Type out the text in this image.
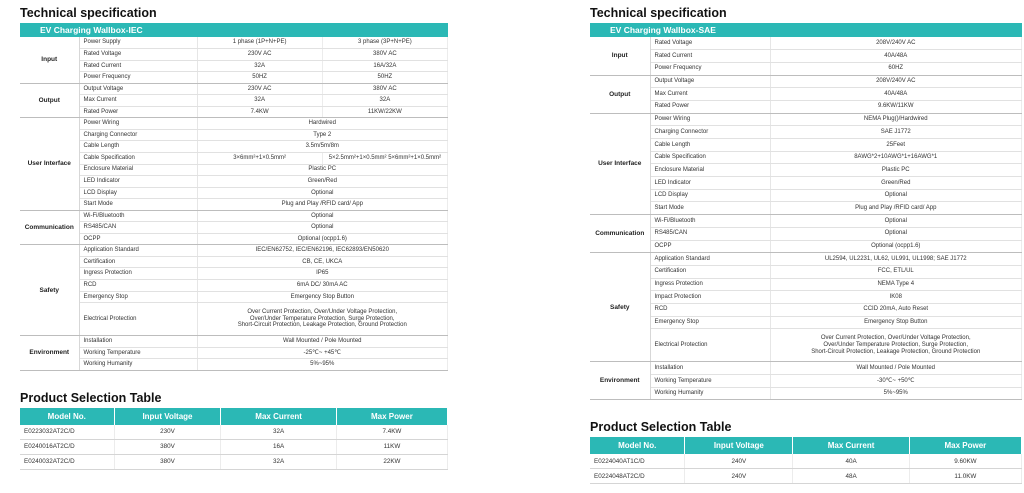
Technical specification
EV Charging Wallbox-IEC
Input	Power Supply	1 phase (1P+N+PE)	3 phase (3P+N+PE)
	Rated Voltage	230V AC	380V AC
	Rated Current	32A	16A/32A
	Power Frequency	50HZ	50HZ
Output	Output Voltage	230V AC	380V AC
	Max Current	32A	32A
	Rated Power	7.4KW	11KW/22KW
User Interface	Power Wiring	Hardwired	
	Charging Connector	Type 2	
	Cable Length	3.5m/5m/8m	
	Cable Specification	3×6mm²+1×0.5mm²	5×2.5mm²+1×0.5mm² 5×6mm²+1×0.5mm²
	Enclosure Material	Plastic PC	
	LED Indicator	Green/Red	
	LCD Display	Optional	
	Start Mode	Plug and Play /RFID card/ App	
Communication	Wi-Fi/Bluetooth	Optional	
	RS485/CAN	Optional	
	OCPP	Optional (ocpp1.6)	
Safety	Application Standard	IEC/EN62752, IEC/EN62196, IEC62893/EN50620	
	Certification	CB, CE, UKCA	
	Ingress Protection	IP65	
	RCD	6mA DC/ 30mA AC	
	Emergency Stop	Emergency Stop Button	
	Electrical Protection	Over Current Protection, Over/Under Voltage Protection,
Over/Under Temperature Protection, Surge Protection,
Short-Circuit Protection, Leakage Protection, Ground Protection	
Environment	Installation	Wall Mounted / Pole Mounted	
	Working Temperature	-25℃~ +45℃	
	Working Humanity	5%~95%	
Product Selection Table
Model No.	Input Voltage	Max Current	Max Power
E0223032AT2C/D	230V	32A	7.4KW
E0240016AT2C/D	380V	16A	11KW
E0240032AT2C/D	380V	32A	22KW
Technical specification
EV Charging Wallbox-SAE
Input	Rated Voltage	208V/240V AC
	Rated Current	40A/48A
	Power Frequency	60HZ
Output	Output Voltage	208V/240V AC
	Max Current	40A/48A
	Rated Power	9.6KW/11KW
User Interface	Power Wiring	NEMA Plug()/Hardwired
	Charging Connector	SAE J1772
	Cable Length	25Feet
	Cable Specification	8AWG*2+10AWG*1+16AWG*1
	Enclosure Material	Plastic PC
	LED Indicator	Green/Red
	LCD Display	Optional
	Start Mode	Plug and Play /RFID card/ App
Communication	Wi-Fi/Bluetooth	Optional
	RS485/CAN	Optional
	OCPP	Optional (ocpp1.6)
Safety	Application Standard	UL2594, UL2231, UL62, UL991, UL1998; SAE J1772
	Certification	FCC, ETL/UL
	Ingress Protection	NEMA Type 4
	Impact Protection	IK08
	RCD	CCID 20mA, Auto Reset
	Emergency Stop	Emergency Stop Button
	Electrical Protection	Over Current Protection, Over/Under Voltage Protection,
Over/Under Temperature Protection, Surge Protection,
Short-Circuit Protection, Leakage Protection, Ground Protection
Environment	Installation	Wall Mounted / Pole Mounted
	Working Temperature	-30℃~ +50℃
	Working Humanity	5%~95%
Product Selection Table
Model No.	Input Voltage	Max Current	Max Power
E0224040AT1C/D	240V	40A	9.60KW
E0224048AT2C/D	240V	48A	11.0KW
